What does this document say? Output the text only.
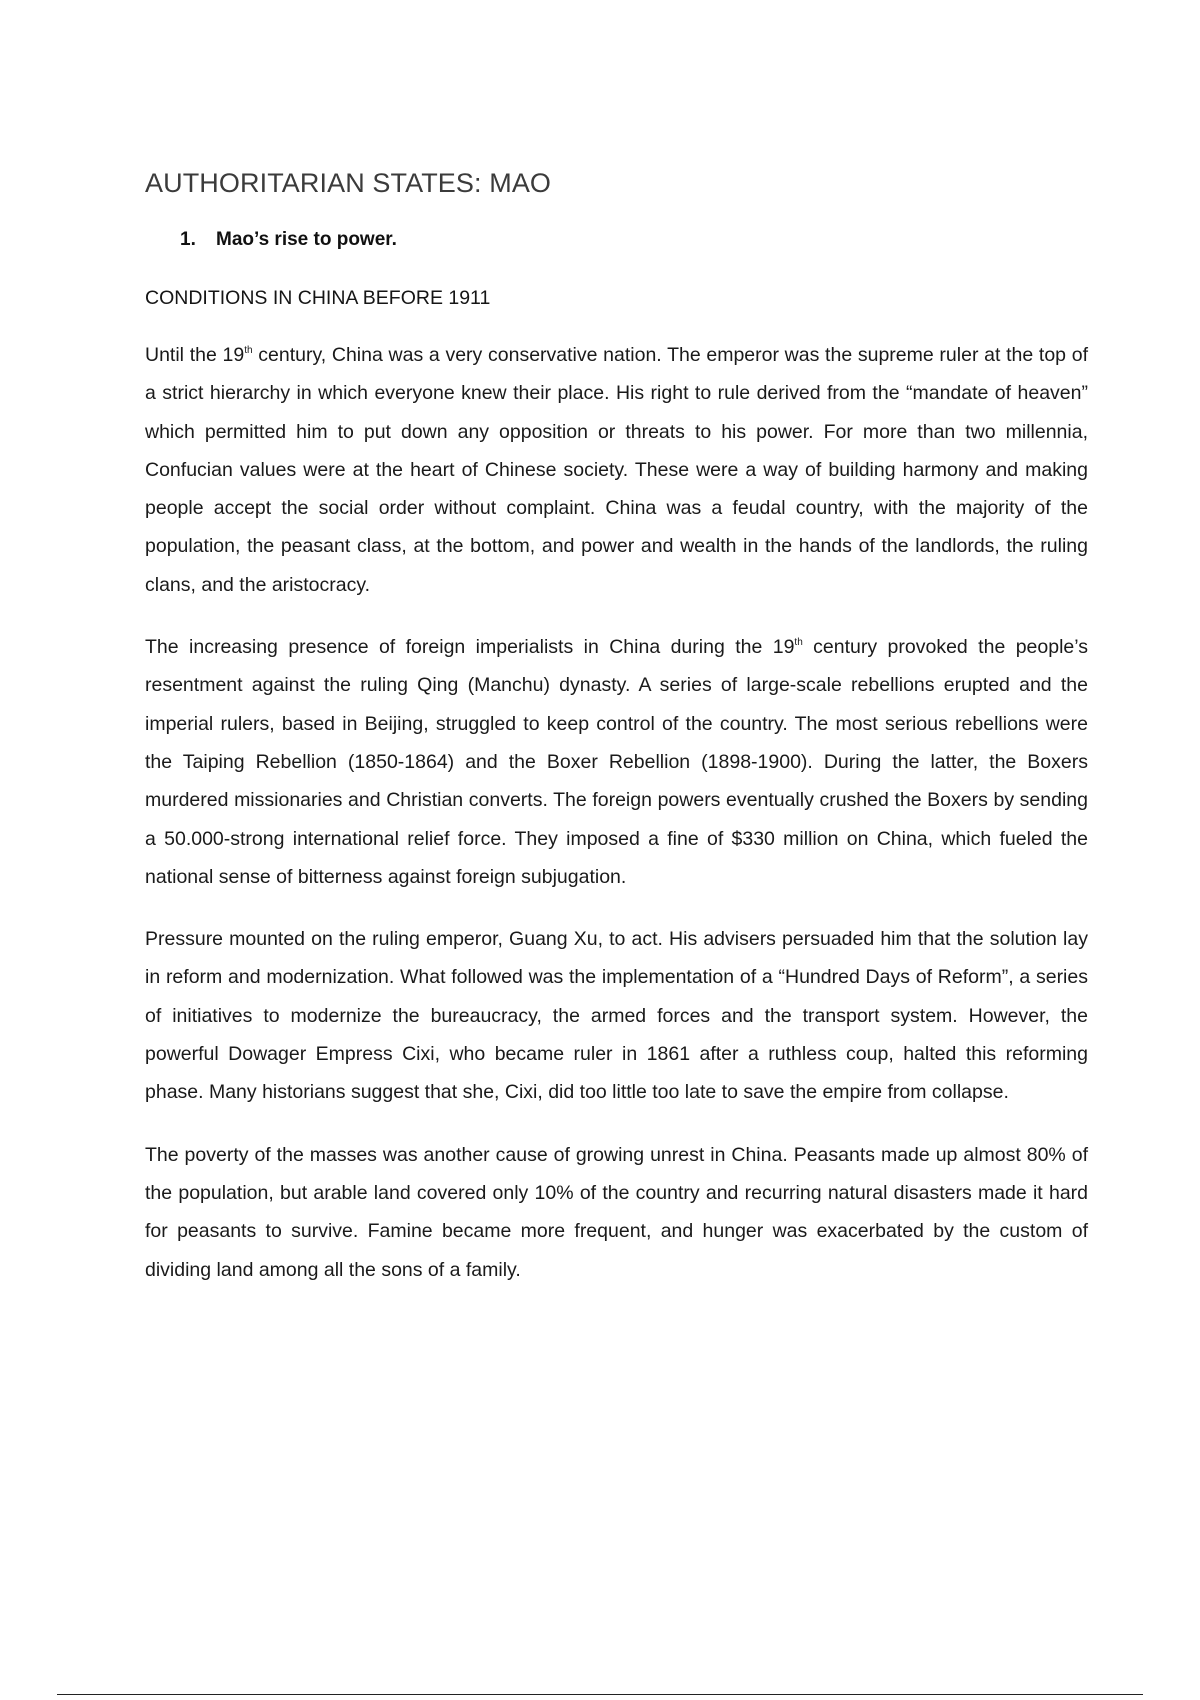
AUTHORITARIAN STATES: MAO
1. Mao’s rise to power.
CONDITIONS IN CHINA BEFORE 1911

Until the 19th century, China was a very conservative nation. The emperor was the supreme ruler at the top of a strict hierarchy in which everyone knew their place. His right to rule derived from the “mandate of heaven” which permitted him to put down any opposition or threats to his power. For more than two millennia, Confucian values were at the heart of Chinese society. These were a way of building harmony and making people accept the social order without complaint. China was a feudal country, with the majority of the population, the peasant class, at the bottom, and power and wealth in the hands of the landlords, the ruling clans, and the aristocracy.

The increasing presence of foreign imperialists in China during the 19th century provoked the people’s resentment against the ruling Qing (Manchu) dynasty. A series of large-scale rebellions erupted and the imperial rulers, based in Beijing, struggled to keep control of the country. The most serious rebellions were the Taiping Rebellion (1850-1864) and the Boxer Rebellion (1898-1900). During the latter, the Boxers murdered missionaries and Christian converts. The foreign powers eventually crushed the Boxers by sending a 50.000-strong international relief force. They imposed a fine of $330 million on China, which fueled the national sense of bitterness against foreign subjugation.

Pressure mounted on the ruling emperor, Guang Xu, to act. His advisers persuaded him that the solution lay in reform and modernization. What followed was the implementation of a “Hundred Days of Reform”, a series of initiatives to modernize the bureaucracy, the armed forces and the transport system. However, the powerful Dowager Empress Cixi, who became ruler in 1861 after a ruthless coup, halted this reforming phase. Many historians suggest that she, Cixi, did too little too late to save the empire from collapse.

The poverty of the masses was another cause of growing unrest in China. Peasants made up almost 80% of the population, but arable land covered only 10% of the country and recurring natural disasters made it hard for peasants to survive. Famine became more frequent, and hunger was exacerbated by the custom of dividing land among all the sons of a family.
